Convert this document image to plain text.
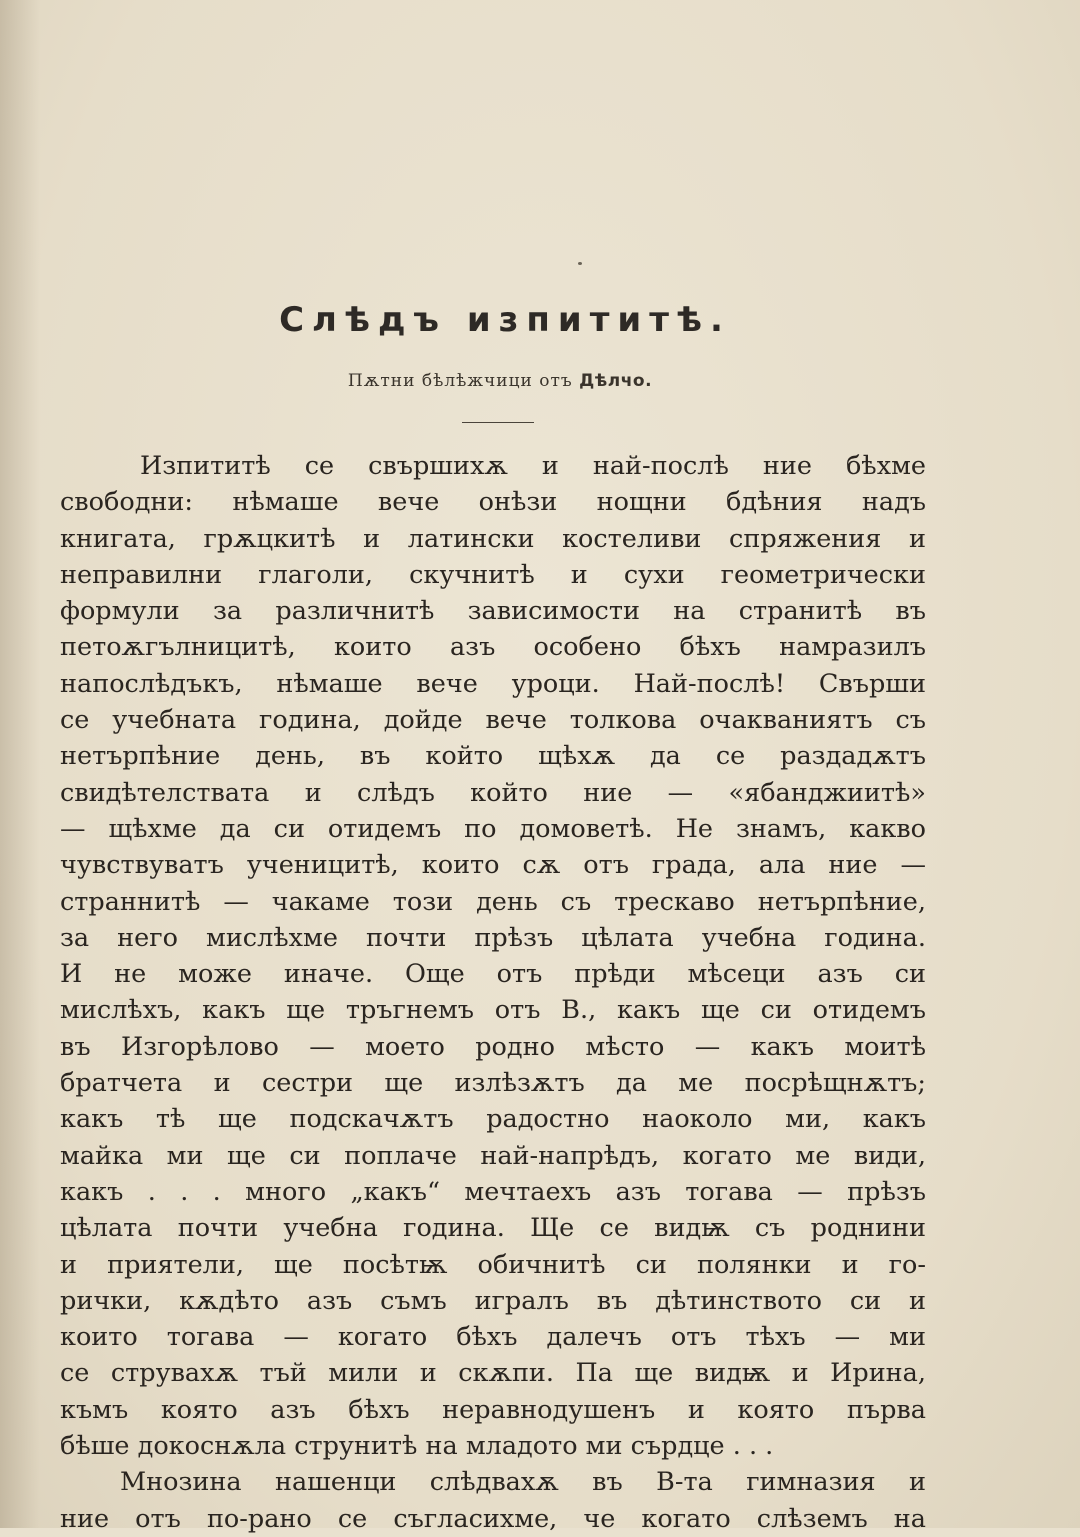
Слѣдъ изпититѣ.
Пѫтни бѣлѣжчици отъ Дѣлчо.
Изпититѣ се свършихѫ и най-послѣ ние бѣхме
свободни: нѣмаше вече онѣзи нощни бдѣния надъ
книгата, грѫцкитѣ и латински костеливи спряжения и
неправилни глаголи, скучнитѣ и сухи геометрически
формули за различнитѣ зависимости на странитѣ въ
петоѫгълницитѣ, които азъ особено бѣхъ намразилъ
напослѣдъкъ, нѣмаше вече уроци. Най-послѣ! Свърши
се учебната година, дойде вече толкова очакваниятъ съ
нетърпѣние день, въ който щѣхѫ да се раздадѫтъ
свидѣтелствата и слѣдъ който ние — «ябанджиитѣ»
— щѣхме да си отидемъ по домоветѣ. Не знамъ, какво
чувствуватъ ученицитѣ, които сѫ отъ града, ала ние —
страннитѣ — чакаме този день съ трескаво нетърпѣние,
за него мислѣхме почти прѣзъ цѣлата учебна година.
И не може иначе. Още отъ прѣди мѣсеци азъ си
мислѣхъ, какъ ще тръгнемъ отъ В., какъ ще си отидемъ
въ Изгорѣлово — моето родно мѣсто — какъ моитѣ
братчета и сестри ще излѣзѫтъ да ме посрѣщнѫтъ;
какъ тѣ ще подскачѫтъ радостно наоколо ми, какъ
майка ми ще си поплаче най-напрѣдъ, когато ме види,
какъ . . . много „какъ“ мечтаехъ азъ тогава — прѣзъ
цѣлата почти учебна година. Ще се видѭ съ роднини
и приятели, ще посѣтѭ обичнитѣ си полянки и го-
рички, кѫдѣто азъ съмъ игралъ въ дѣтинството си и
които тогава — когато бѣхъ далечъ отъ тѣхъ — ми
се струвахѫ тъй мили и скѫпи. Па ще видѭ и Ирина,
къмъ която азъ бѣхъ неравнодушенъ и която първа
бѣше докоснѫла струнитѣ на младото ми сърдце . . .
Мнозина нашенци слѣдвахѫ въ В-та гимназия и
ние отъ по-рано се съгласихме, че когато слѣземъ на
